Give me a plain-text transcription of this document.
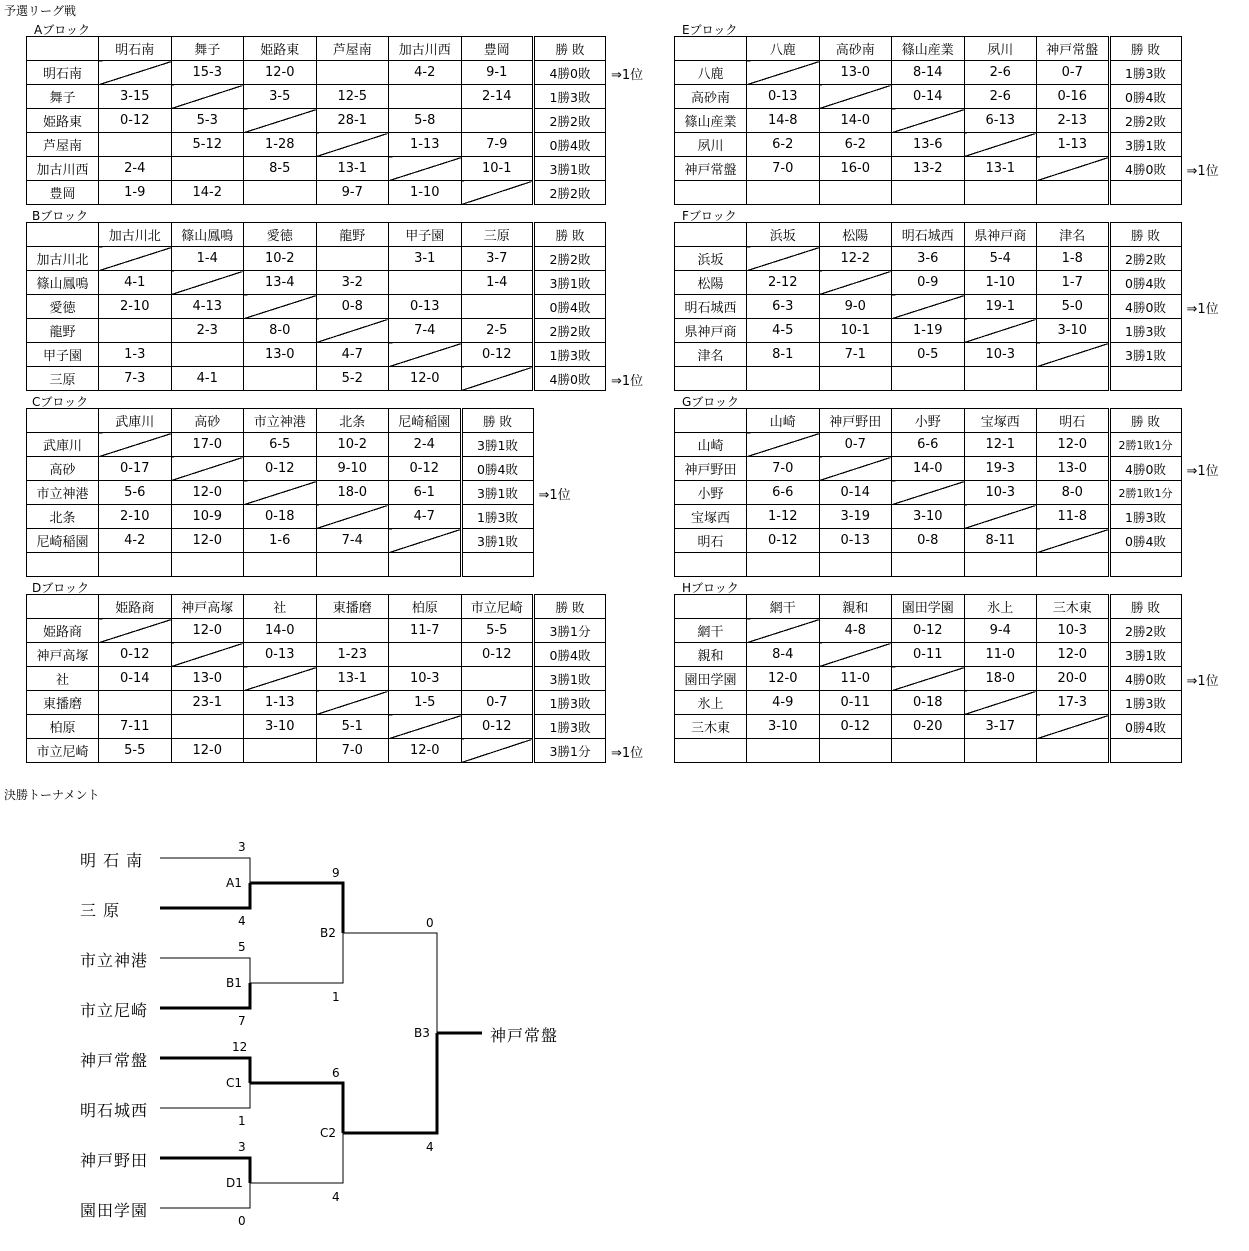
予選リーグ戦
Aブロック
	明石南	舞子	姫路東	芦屋南	加古川西	豊岡	勝 敗
明石南		15-3	12-0		4-2	9-1	4勝0敗
舞子	3-15		3-5	12-5		2-14	1勝3敗
姫路東	0-12	5-3		28-1	5-8		2勝2敗
芦屋南		5-12	1-28		1-13	7-9	0勝4敗
加古川西	2-4		8-5	13-1		10-1	3勝1敗
豊岡	1-9	14-2		9-7	1-10		2勝2敗
⇒1位
Bブロック
	加古川北	篠山鳳鳴	愛徳	龍野	甲子園	三原	勝 敗
加古川北		1-4	10-2		3-1	3-7	2勝2敗
篠山鳳鳴	4-1		13-4	3-2		1-4	3勝1敗
愛徳	2-10	4-13		0-8	0-13		0勝4敗
龍野		2-3	8-0		7-4	2-5	2勝2敗
甲子園	1-3		13-0	4-7		0-12	1勝3敗
三原	7-3	4-1		5-2	12-0		4勝0敗 ⇒1位
Cブロック
	武庫川	高砂	市立神港	北条	尼崎稲園	勝 敗
武庫川		17-0	6-5	10-2	2-4	3勝1敗
高砂	0-17		0-12	9-10	0-12	0勝4敗
市立神港	5-6	12-0		18-0	6-1	3勝1敗
北条	2-10	10-9	0-18		4-7	1勝3敗
尼崎稲園	4-2	12-0	1-6	7-4		3勝1敗

⇒1位
Dブロック
	姫路商	神戸高塚	社	東播磨	柏原	市立尼崎	勝 敗
姫路商		12-0	14-0		11-7	5-5	3勝1分
神戸高塚	0-12		0-13	1-23		0-12	0勝4敗
社	0-14	13-0		13-1	10-3		3勝1敗
東播磨		23-1	1-13		1-5	0-7	1勝3敗
柏原	7-11		3-10	5-1		0-12	1勝3敗
市立尼崎	5-5	12-0		7-0	12-0		3勝1分 ⇒1位
Eブロック
	八鹿	高砂南	篠山産業	夙川	神戸常盤	勝 敗
八鹿		13-0	8-14	2-6	0-7	1勝3敗
高砂南	0-13		0-14	2-6	0-16	0勝4敗
篠山産業	14-8	14-0		6-13	2-13	2勝2敗
夙川	6-2	6-2	13-6		1-13	3勝1敗
神戸常盤	7-0	16-0	13-2	13-1		4勝0敗
						⇒1位
Fブロック
	浜坂	松陽	明石城西	県神戸商	津名	勝 敗
浜坂		12-2	3-6	5-4	1-8	2勝2敗
松陽	2-12		0-9	1-10	1-7	0勝4敗
明石城西	6-3	9-0		19-1	5-0	4勝0敗
県神戸商	4-5	10-1	1-19		3-10	1勝3敗
津名	8-1	7-1	0-5	10-3		3勝1敗

⇒1位
Gブロック
	山崎	神戸野田	小野	宝塚西	明石	勝 敗
山崎		0-7	6-6	12-1	12-0	2勝1敗1分
神戸野田	7-0		14-0	19-3	13-0	4勝0敗
小野	6-6	0-14		10-3	8-0	2勝1敗1分
宝塚西	1-12	3-19	3-10		11-8	1勝3敗
明石	0-12	0-13	0-8	8-11		0勝4敗

⇒1位
Hブロック
	網干	親和	園田学園	氷上	三木東	勝 敗
網干		4-8	0-12	9-4	10-3	2勝2敗
親和	8-4		0-11	11-0	12-0	3勝1敗
園田学園	12-0	11-0		18-0	20-0	4勝0敗
氷上	4-9	0-11	0-18		17-3	1勝3敗
三木東	3-10	0-12	0-20	3-17		0勝4敗

⇒1位
決勝トーナメント
明 石 南
三 原
市立神港
市立尼崎
神戸常盤
明石城西
神戸野田
園田学園
A1
B1
C1
D1
B2
C2
B3
3
4
5
7
12
1
3
0
9
1
6
4
0
4
神戸常盤
